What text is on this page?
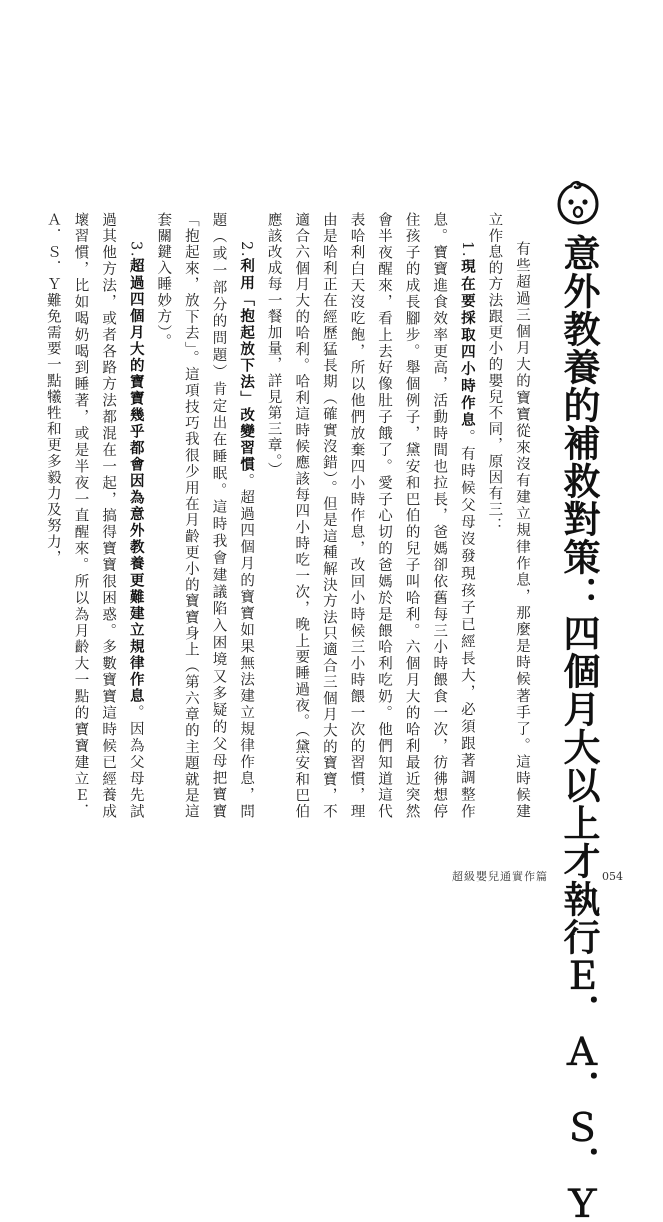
意外教養的補救對策：四個月大以上才執行Ｅ．Ａ．Ｓ．Ｙ

有些超過三個月大的寶寶從來沒有建立規律作息，那麼是時候著手了。這時候建立作息的方法跟更小的嬰兒不同，原因有三：

1.現在要採取四小時作息。有時候父母沒發現孩子已經長大，必須跟著調整作息。寶寶進食效率更高，活動時間也拉長，爸媽卻依舊每三小時餵食一次，彷彿想停住孩子的成長腳步。舉個例子，黛安和巴伯的兒子叫哈利。六個月大的哈利最近突然會半夜醒來，看上去好像肚子餓了。愛子心切的爸媽於是餵哈利吃奶。他們知道這代表哈利白天沒吃飽，所以他們放棄四小時作息，改回小時候三小時餵一次的習慣，理由是哈利正在經歷猛長期（確實沒錯）。但是這種解決方法只適合三個月大的寶寶，不適合六個月大的哈利。哈利這時候應該每四小時吃一次，晚上要睡過夜。（黛安和巴伯應該改成每一餐加量，詳見第三章。）

2.利用「抱起放下法」改變習慣。超過四個月的寶寶如果無法建立規律作息，問題（或一部分的問題）肯定出在睡眠。這時我會建議陷入困境又多疑的父母把寶寶「抱起來，放下去」。這項技巧我很少用在月齡更小的寶寶身上（第六章的主題就是這套關鍵入睡妙方）。

3.超過四個月大的寶寶幾乎都會因為意外教養更難建立規律作息。因為父母先試過其他方法，或者各路方法都混在一起，搞得寶寶很困惑。多數寶寶這時候已經養成壞習慣，比如喝奶喝到睡著，或是半夜一直醒來。所以為月齡大一點的寶寶建立Ｅ．Ａ．Ｓ．Ｙ難免需要一點犧牲和更多毅力及努力，

超級嬰兒通實作篇	054
